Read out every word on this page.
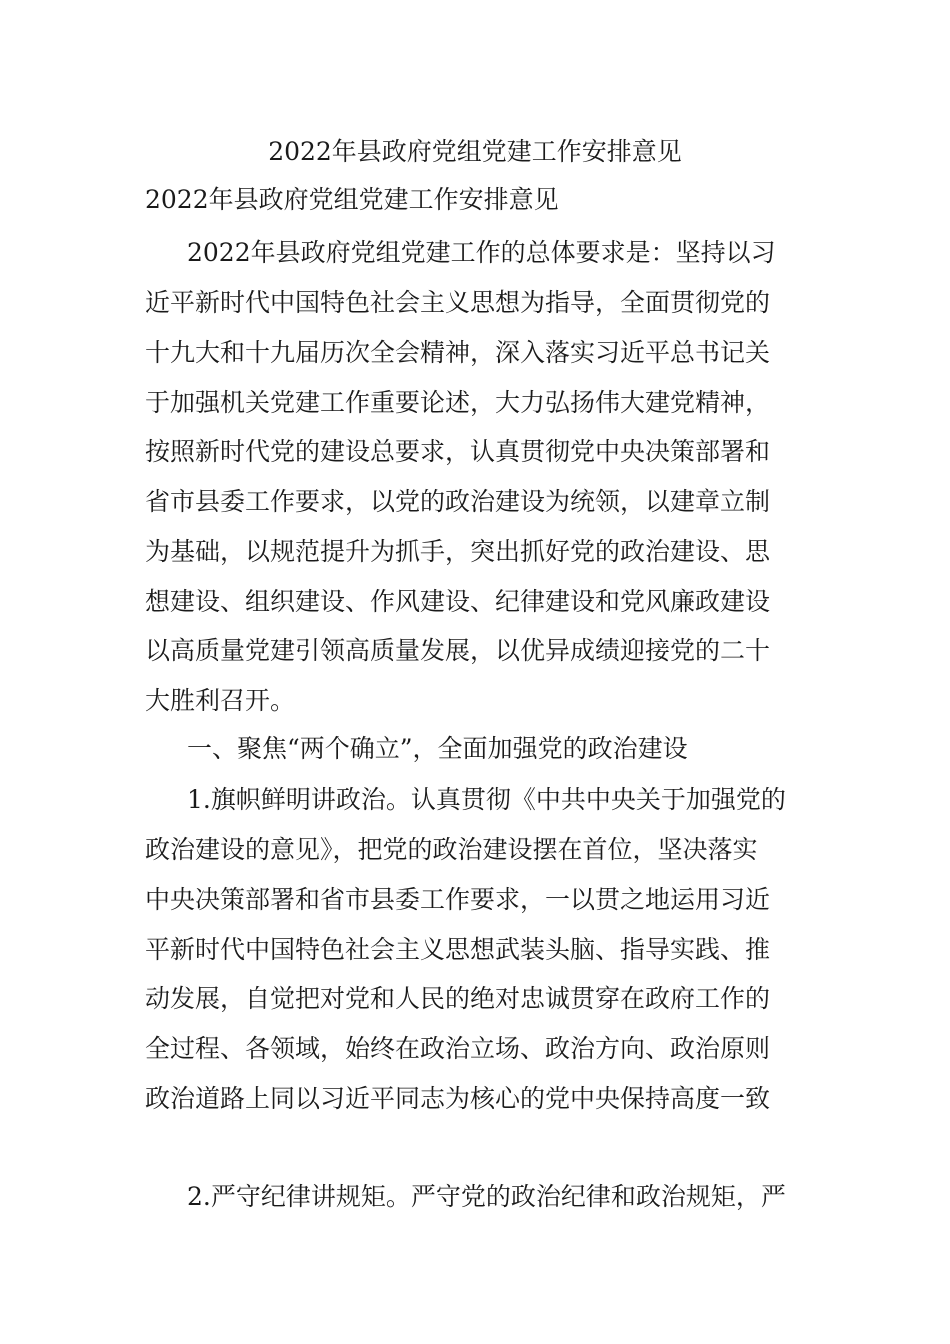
2022年县政府党组党建工作安排意见
2022年县政府党组党建工作安排意见
2022年县政府党组党建工作的总体要求是：坚持以习
近平新时代中国特色社会主义思想为指导，全面贯彻党的
十九大和十九届历次全会精神，深入落实习近平总书记关
于加强机关党建工作重要论述，大力弘扬伟大建党精神，
按照新时代党的建设总要求，认真贯彻党中央决策部署和
省市县委工作要求，以党的政治建设为统领，以建章立制
为基础，以规范提升为抓手，突出抓好党的政治建设、思
想建设、组织建设、作风建设、纪律建设和党风廉政建设
以高质量党建引领高质量发展，以优异成绩迎接党的二十
大胜利召开。
一、聚焦“两个确立”，全面加强党的政治建设
1.旗帜鲜明讲政治。认真贯彻《中共中央关于加强党的
政治建设的意见》，把党的政治建设摆在首位，坚决落实
中央决策部署和省市县委工作要求，一以贯之地运用习近
平新时代中国特色社会主义思想武装头脑、指导实践、推
动发展，自觉把对党和人民的绝对忠诚贯穿在政府工作的
全过程、各领域，始终在政治立场、政治方向、政治原则
政治道路上同以习近平同志为核心的党中央保持高度一致
2.严守纪律讲规矩。严守党的政治纪律和政治规矩，严
